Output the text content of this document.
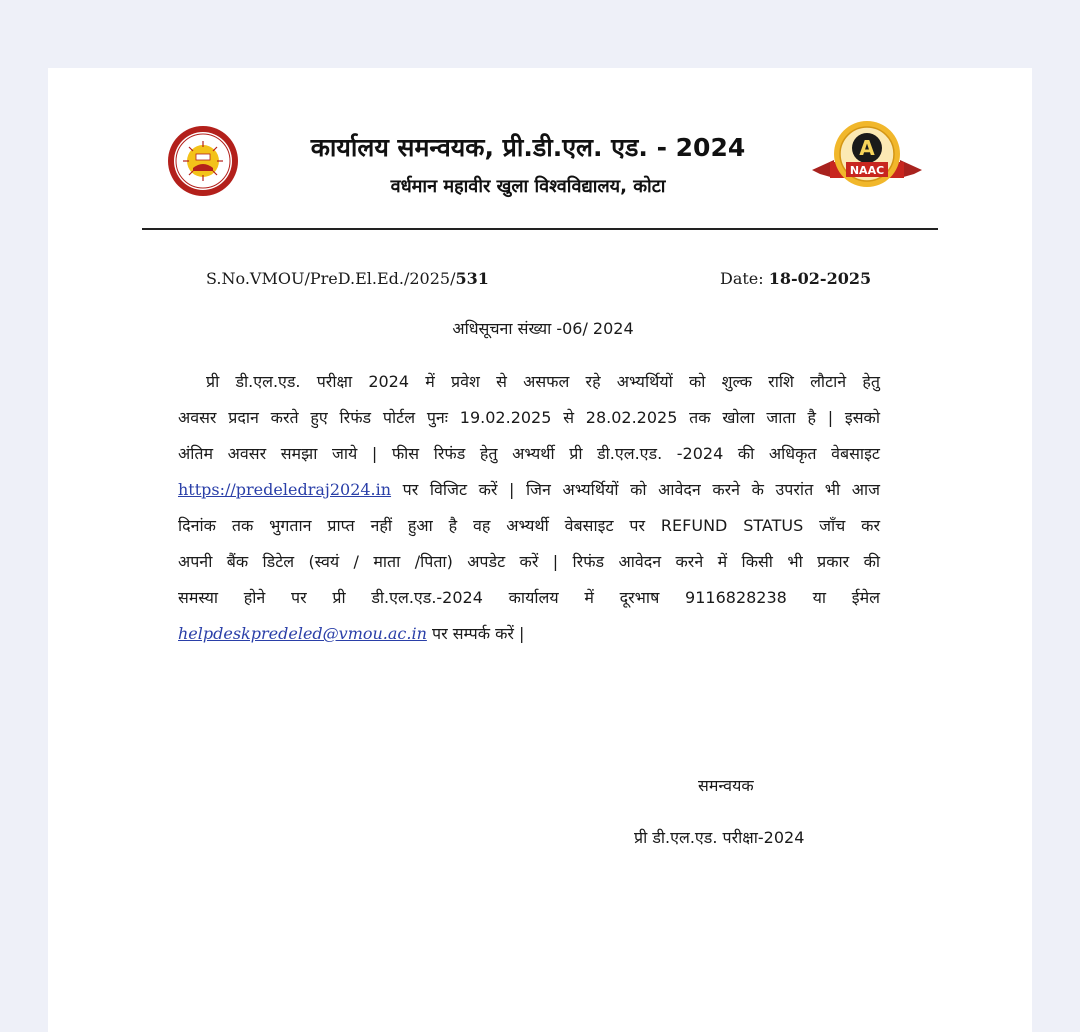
कार्यालय समन्वयक, प्री.डी.एल. एड. - 2024
वर्धमान महावीर खुला विश्वविद्यालय, कोटा
A
NAAC
S.No.VMOU/PreD.El.Ed./2025/531	Date: 18-02-2025
अधिसूचना संख्या -06/ 2024
प्री डी.एल.एड. परीक्षा 2024 में प्रवेश से असफल रहे अभ्यर्थियों को शुल्क राशि लौटाने हेतु
अवसर प्रदान करते हुए रिफंड पोर्टल पुनः 19.02.2025 से 28.02.2025 तक खोला जाता है | इसको
अंतिम अवसर समझा जाये | फीस रिफंड हेतु अभ्यर्थी प्री डी.एल.एड. -2024 की अधिकृत वेबसाइट
https://predeledraj2024.in पर विजिट करें | जिन अभ्यर्थियों को आवेदन करने के उपरांत भी आज
दिनांक तक भुगतान प्राप्त नहीं हुआ है वह अभ्यर्थी वेबसाइट पर REFUND STATUS जाँच कर
अपनी बैंक डिटेल (स्वयं / माता /पिता) अपडेट करें | रिफंड आवेदन करने में किसी भी प्रकार की
समस्या होने पर प्री डी.एल.एड.-2024 कार्यालय में दूरभाष 9116828238 या ईमेल
helpdeskpredeled@vmou.ac.in पर सम्पर्क करें |
समन्वयक
प्री डी.एल.एड. परीक्षा-2024
